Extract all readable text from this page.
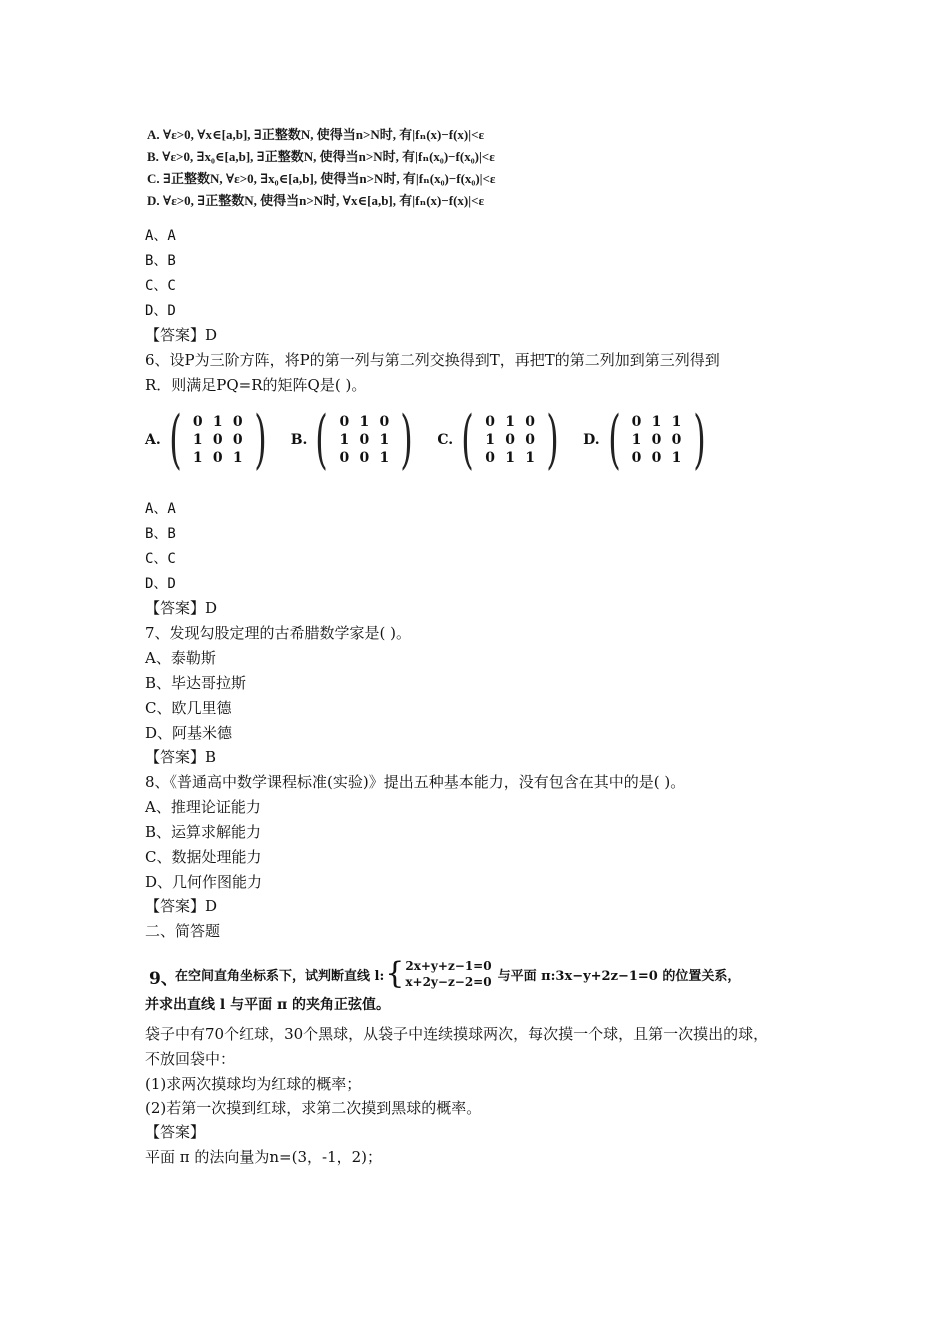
A. ∀ε>0, ∀x∈[a,b], ∃正整数N, 使得当n>N时, 有|fₙ(x)−f(x)|<ε
B. ∀ε>0, ∃x₀∈[a,b], ∃正整数N, 使得当n>N时, 有|fₙ(x₀)−f(x₀)|<ε
C. ∃正整数N, ∀ε>0, ∃x₀∈[a,b], 使得当n>N时, 有|fₙ(x₀)−f(x₀)|<ε
D. ∀ε>0, ∃正整数N, 使得当n>N时, ∀x∈[a,b], 有|fₙ(x)−f(x)|<ε
A、A
B、B
C、C
D、D
【答案】D
6、设P为三阶方阵，将P的第一列与第二列交换得到T，再把T的第二列加到第三列得到
R．则满足PQ=R的矩阵Q是( )。
A. ( 0 1 0
1 0 0
1 0 1 ) B. ( 0 1 0
1 0 1
0 0 1 ) C. ( 0 1 0
1 0 0
0 1 1 ) D. ( 0 1 1
1 0 0
0 0 1 )
A、A
B、B
C、C
D、D
【答案】D
7、发现勾股定理的古希腊数学家是( )。
A、泰勒斯
B、毕达哥拉斯
C、欧几里德
D、阿基米德
【答案】B
8、《普通高中数学课程标准(实验)》提出五种基本能力，没有包含在其中的是( )。
A、推理论证能力
B、运算求解能力
C、数据处理能力
D、几何作图能力
【答案】D
二、简答题
9、
在空间直角坐标系下，试判断直线 l: { 2x+y+z−1=0
x+2y−z−2=0 与平面 π:3x−y+2z−1=0 的位置关系，
并求出直线 l 与平面 π 的夹角正弦值。
袋子中有70个红球，30个黑球，从袋子中连续摸球两次，每次摸一个球，且第一次摸出的球，
不放回袋中：
(1)求两次摸球均为红球的概率；
(2)若第一次摸到红球，求第二次摸到黑球的概率。
【答案】
平面 π 的法向量为n=(3，-1，2)；
